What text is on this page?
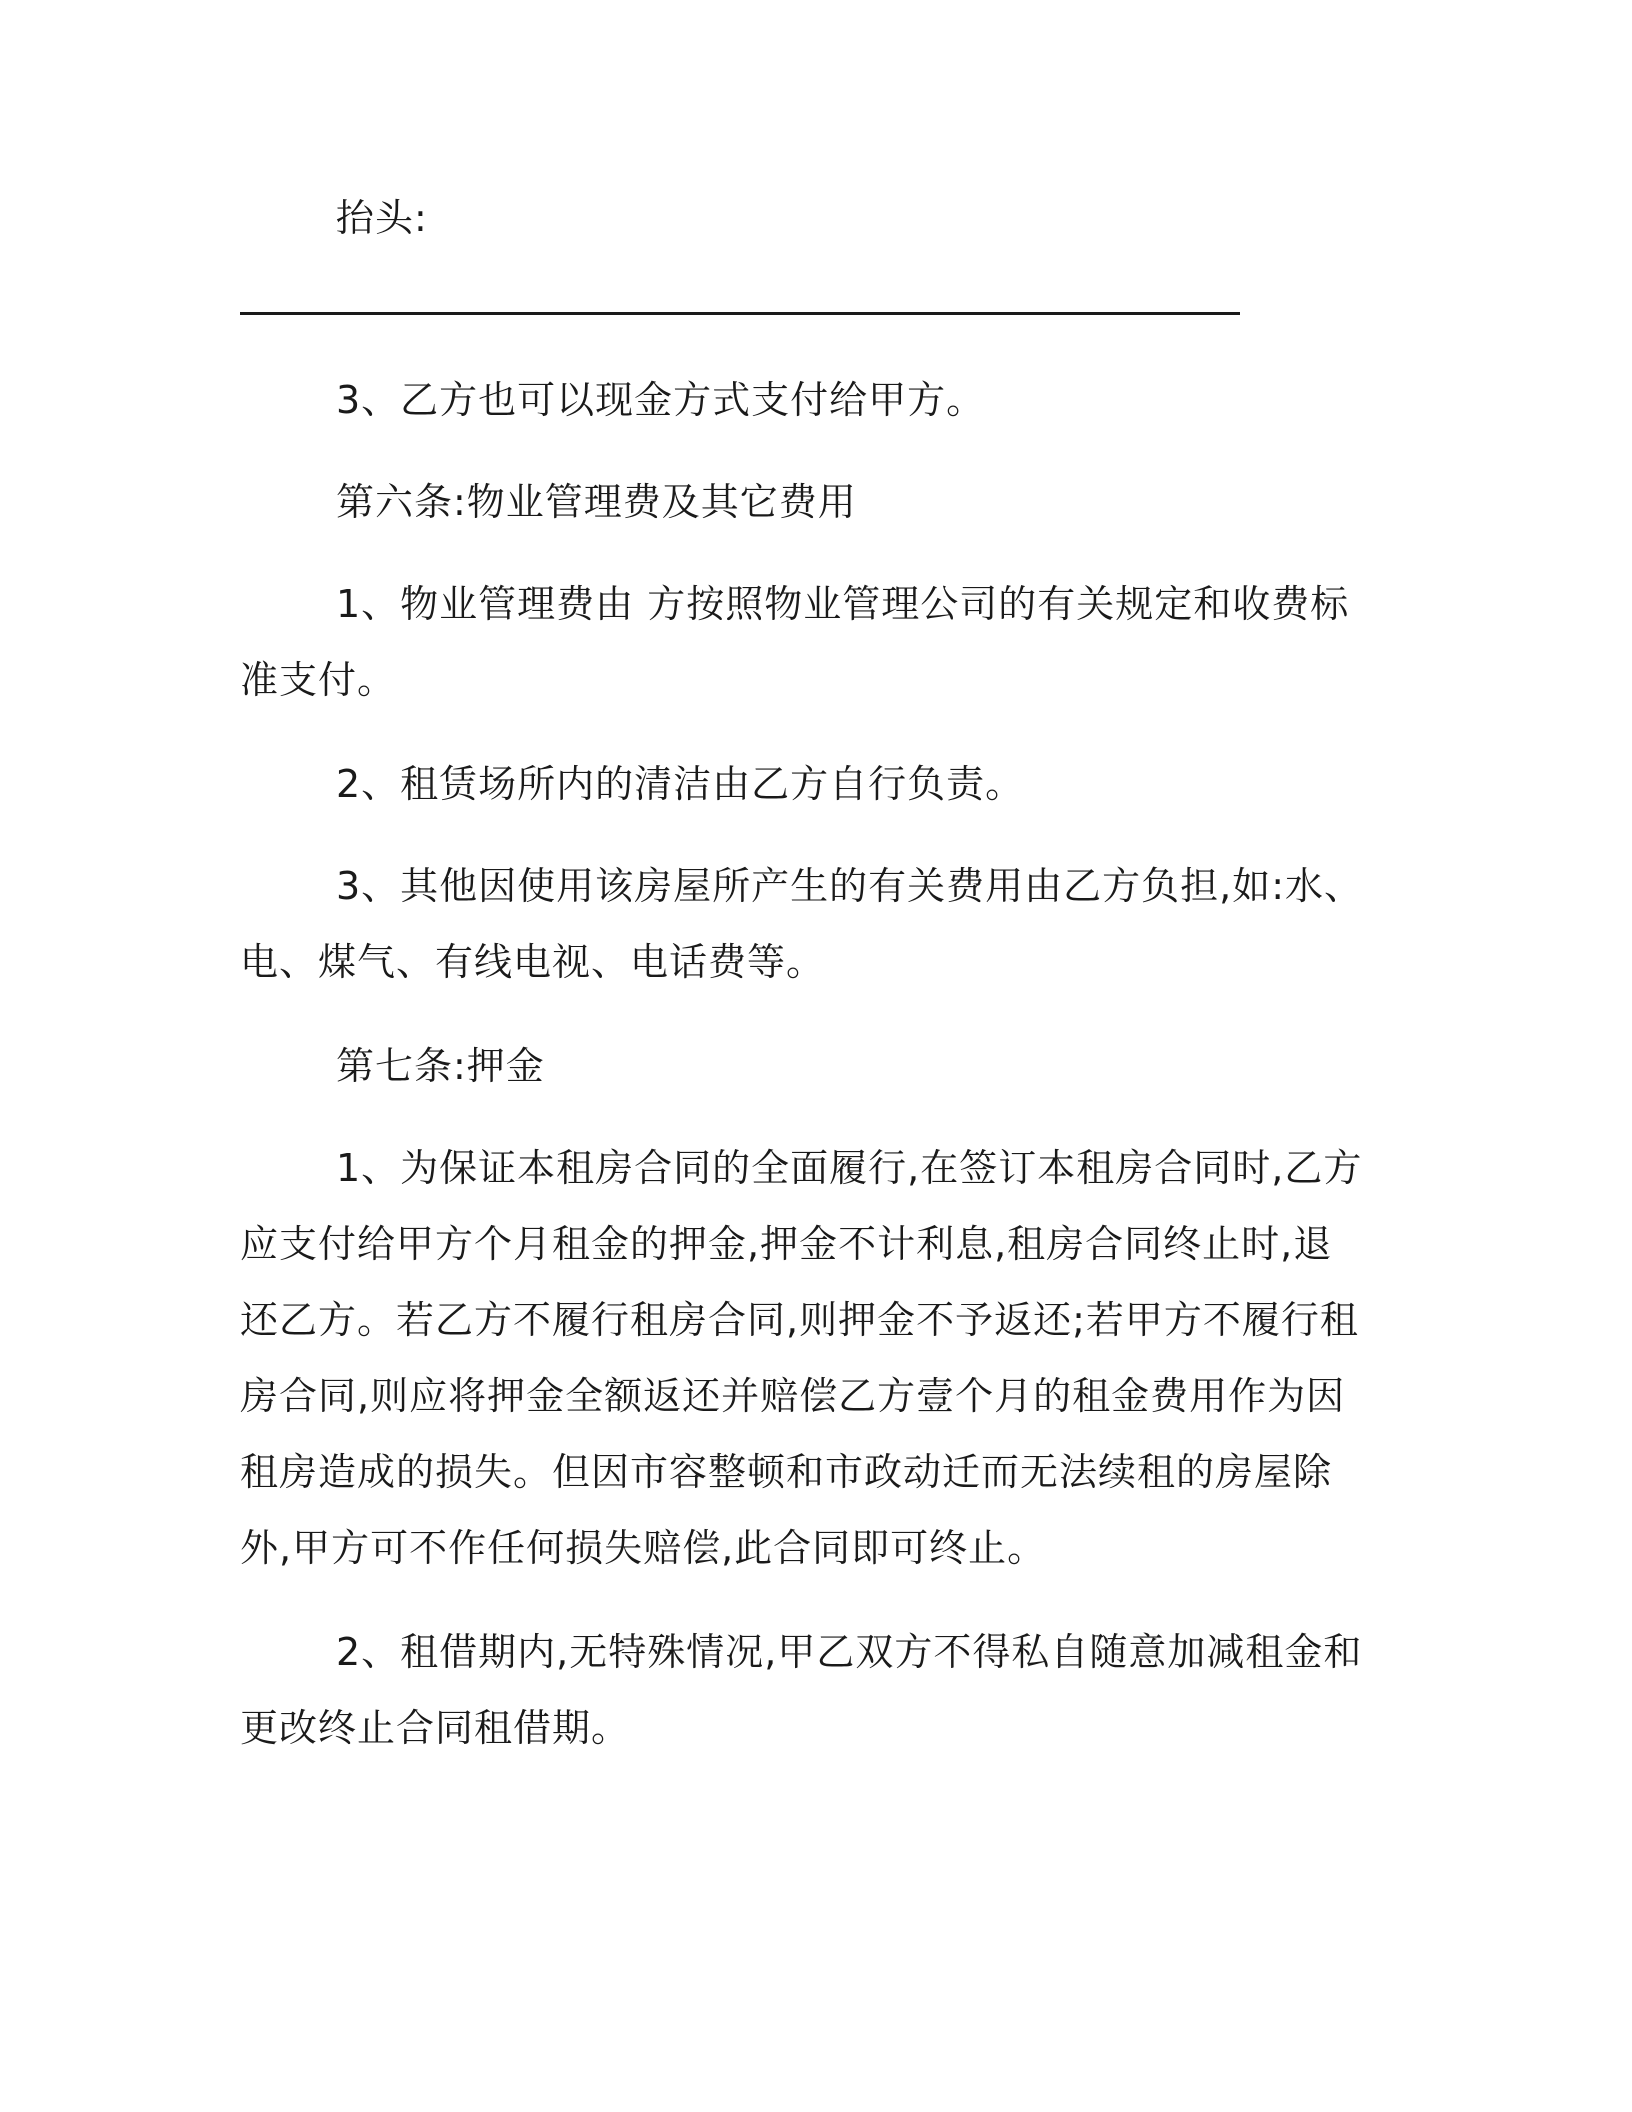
抬头:

3、乙方也可以现金方式支付给甲方。

第六条:物业管理费及其它费用

1、物业管理费由 方按照物业管理公司的有关规定和收费标准支付。

2、租赁场所内的清洁由乙方自行负责。

3、其他因使用该房屋所产生的有关费用由乙方负担,如:水、电、煤气、有线电视、电话费等。

第七条:押金

1、为保证本租房合同的全面履行,在签订本租房合同时,乙方应支付给甲方个月租金的押金,押金不计利息,租房合同终止时,退还乙方。若乙方不履行租房合同,则押金不予返还;若甲方不履行租房合同,则应将押金全额返还并赔偿乙方壹个月的租金费用作为因租房造成的损失。但因市容整顿和市政动迁而无法续租的房屋除外,甲方可不作任何损失赔偿,此合同即可终止。

2、租借期内,无特殊情况,甲乙双方不得私自随意加减租金和更改终止合同租借期。
